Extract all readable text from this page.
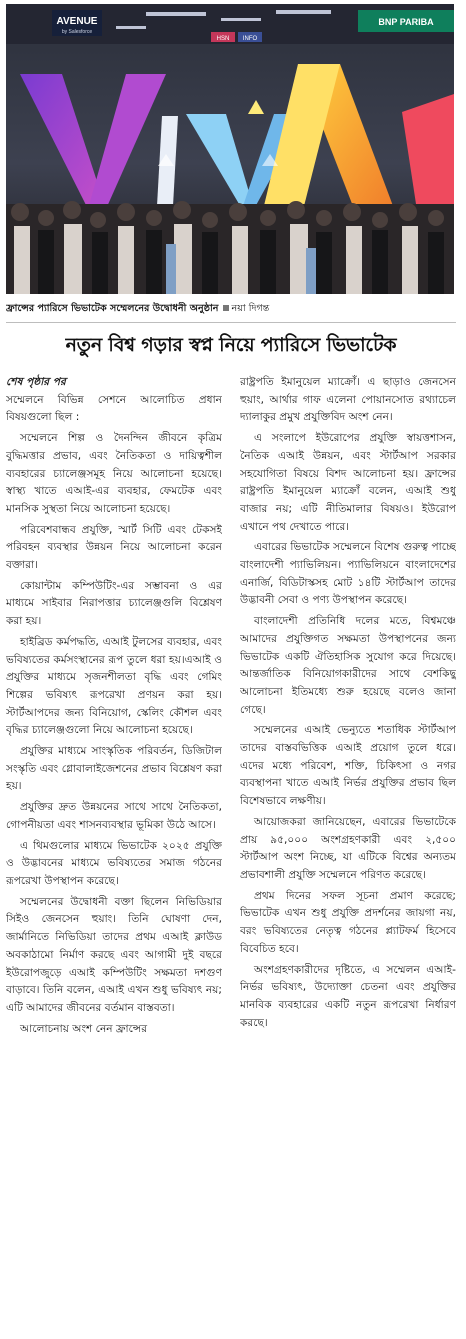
AVENUE
by Salesforce
BNP PARIBA
HSN INFO
ফ্রান্সের প্যারিসে ভিভাটেক সম্মেলনের উদ্বোধনী অনুষ্ঠান নয়া দিগন্ত
নতুন বিশ্ব গড়ার স্বপ্ন নিয়ে প্যারিসে ভিভাটেক

শেষ পৃষ্ঠার পর

সম্মেলনে বিভিন্ন সেশনে আলোচিত প্রধান বিষয়গুলো ছিল :

সম্মেলনে শিল্প ও দৈনন্দিন জীবনে কৃত্রিম বুদ্ধিমত্তার প্রভাব, এবং নৈতিকতা ও দায়িত্বশীল ব্যবহারের চ্যালেঞ্জসমূহ নিয়ে আলোচনা হয়েছে। স্বাস্থ্য খাতে এআই-এর ব্যবহার, ফেমটেক এবং মানসিক সুস্থতা নিয়ে আলোচনা হয়েছে।

পরিবেশবান্ধব প্রযুক্তি, স্মার্ট সিটি এবং টেকসই পরিবহন ব্যবস্থার উন্নয়ন নিয়ে আলোচনা করেন বক্তারা।

কোয়ান্টাম কম্পিউটিং-এর সম্ভাবনা ও এর মাধ্যমে সাইবার নিরাপত্তার চ্যালেঞ্জগুলি বিশ্লেষণ করা হয়।

হাইব্রিড কর্মপদ্ধতি, এআই টুলসের ব্যবহার, এবং ভবিষ্যতের কর্মসংস্থানের রূপ তুলে ধরা হয়।এআই ও প্রযুক্তির মাধ্যমে সৃজনশীলতা বৃদ্ধি এবং গেমিং শিল্পের ভবিষ্যৎ রূপরেখা প্রণয়ন করা হয়।স্টার্টআপদের জন্য বিনিয়োগ, স্কেলিং কৌশল এবং বৃদ্ধির চ্যালেঞ্জগুলো নিয়ে আলোচনা হয়েছে।

প্রযুক্তির মাধ্যমে সাংস্কৃতিক পরিবর্তন, ডিজিটাল সংস্কৃতি এবং গ্লোবালাইজেশনের প্রভাব বিশ্লেষণ করা হয়।

প্রযুক্তির দ্রুত উন্নয়নের সাথে সাথে নৈতিকতা, গোপনীয়তা এবং শাসনব্যবস্থার ভূমিকা উঠে আসে।

এ থিমগুলোর মাধ্যমে ভিভাটেক ২০২৫ প্রযুক্তি ও উদ্ভাবনের মাধ্যমে ভবিষ্যতের সমাজ গঠনের রূপরেখা উপস্থাপন করেছে।

সম্মেলনের উদ্বোধনী বক্তা ছিলেন নিভিডিয়ার সিইও জেনসেন হুয়াং। তিনি ঘোষণা দেন, জার্মানিতে নিভিডিয়া তাদের প্রথম এআই ক্লাউড অবকাঠামো নির্মাণ করছে এবং আগামী দুই বছরে ইউরোপজুড়ে এআই কম্পিউটিং সক্ষমতা দশগুণ বাড়াবে। তিনি বলেন, এআই এখন শুধু ভবিষ্যৎ নয়; এটি আমাদের জীবনের বর্তমান বাস্তবতা।

আলোচনায় অংশ নেন ফ্রান্সের

রাষ্ট্রপতি ইমানুয়েল ম্যাক্রোঁ। এ ছাড়াও জেনসেন হুয়াং, আর্থার গাফ এলেনা পোয়ানসোত রথ্যাচেল দ্যালাকুর প্রমুখ প্রযুক্তিবিদ অংশ নেন।

এ সংলাপে ইউরোপের প্রযুক্তি স্বায়ত্তশাসন, নৈতিক এআই উন্নয়ন, এবং স্টার্টআপ সরকার সহযোগিতা বিষয়ে বিশদ আলোচনা হয়। ফ্রান্সের রাষ্ট্রপতি ইমানুয়েল ম্যাক্রোঁ বলেন, এআই শুধু বাজার নয়; এটি নীতিমালার বিষয়ও। ইউরোপ এখানে পথ দেখাতে পারে।

এবারের ভিভাটেক সম্মেলনে বিশেষ গুরুত্ব পাচ্ছে বাংলাদেশী প্যাভিলিয়ন। প্যাভিলিয়নে বাংলাদেশের এনার্জি, বিডিটাস্কসহ মোট ১৪টি স্টার্টআপ তাদের উদ্ভাবনী সেবা ও পণ্য উপস্থাপন করেছে।

বাংলাদেশী প্রতিনিধি দলের মতে, বিশ্বমঞ্চে আমাদের প্রযুক্তিগত সক্ষমতা উপস্থাপনের জন্য ভিভাটেক একটি ঐতিহাসিক সুযোগ করে দিয়েছে। আন্তর্জাতিক বিনিয়োগকারীদের সাথে বেশকিছু আলোচনা ইতিমধ্যে শুরু হয়েছে বলেও জানা গেছে।

সম্মেলনের এআই ভেন্যুতে শতাধিক স্টার্টআপ তাদের বাস্তবভিত্তিক এআই প্রয়োগ তুলে ধরে। এদের মধ্যে পরিবেশ, শক্তি, চিকিৎসা ও নগর ব্যবস্থাপনা খাতে এআই নির্ভর প্রযুক্তির প্রভাব ছিল বিশেষভাবে লক্ষণীয়।

আয়োজকরা জানিয়েছেন, এবারের ভিভাটেকে প্রায় ৯৫,০০০ অংশগ্রহণকারী এবং ২,৫০০ স্টার্টআপ অংশ নিচ্ছে, যা এটিকে বিশ্বের অন্যতম প্রভাবশালী প্রযুক্তি সম্মেলনে পরিণত করেছে।

প্রথম দিনের সফল সূচনা প্রমাণ করেছে; ভিভাটেক এখন শুধু প্রযুক্তি প্রদর্শনের জায়গা নয়, বরং ভবিষ্যতের নেতৃত্ব গঠনের প্ল্যাটফর্ম হিসেবে বিবেচিত হবে।

অংশগ্রহণকারীদের দৃষ্টিতে, এ সম্মেলন এআই-নির্ভর ভবিষ্যৎ, উদ্যোক্তা চেতনা এবং প্রযুক্তির মানবিক ব্যবহারের একটি নতুন রূপরেখা নির্ধারণ করছে।
